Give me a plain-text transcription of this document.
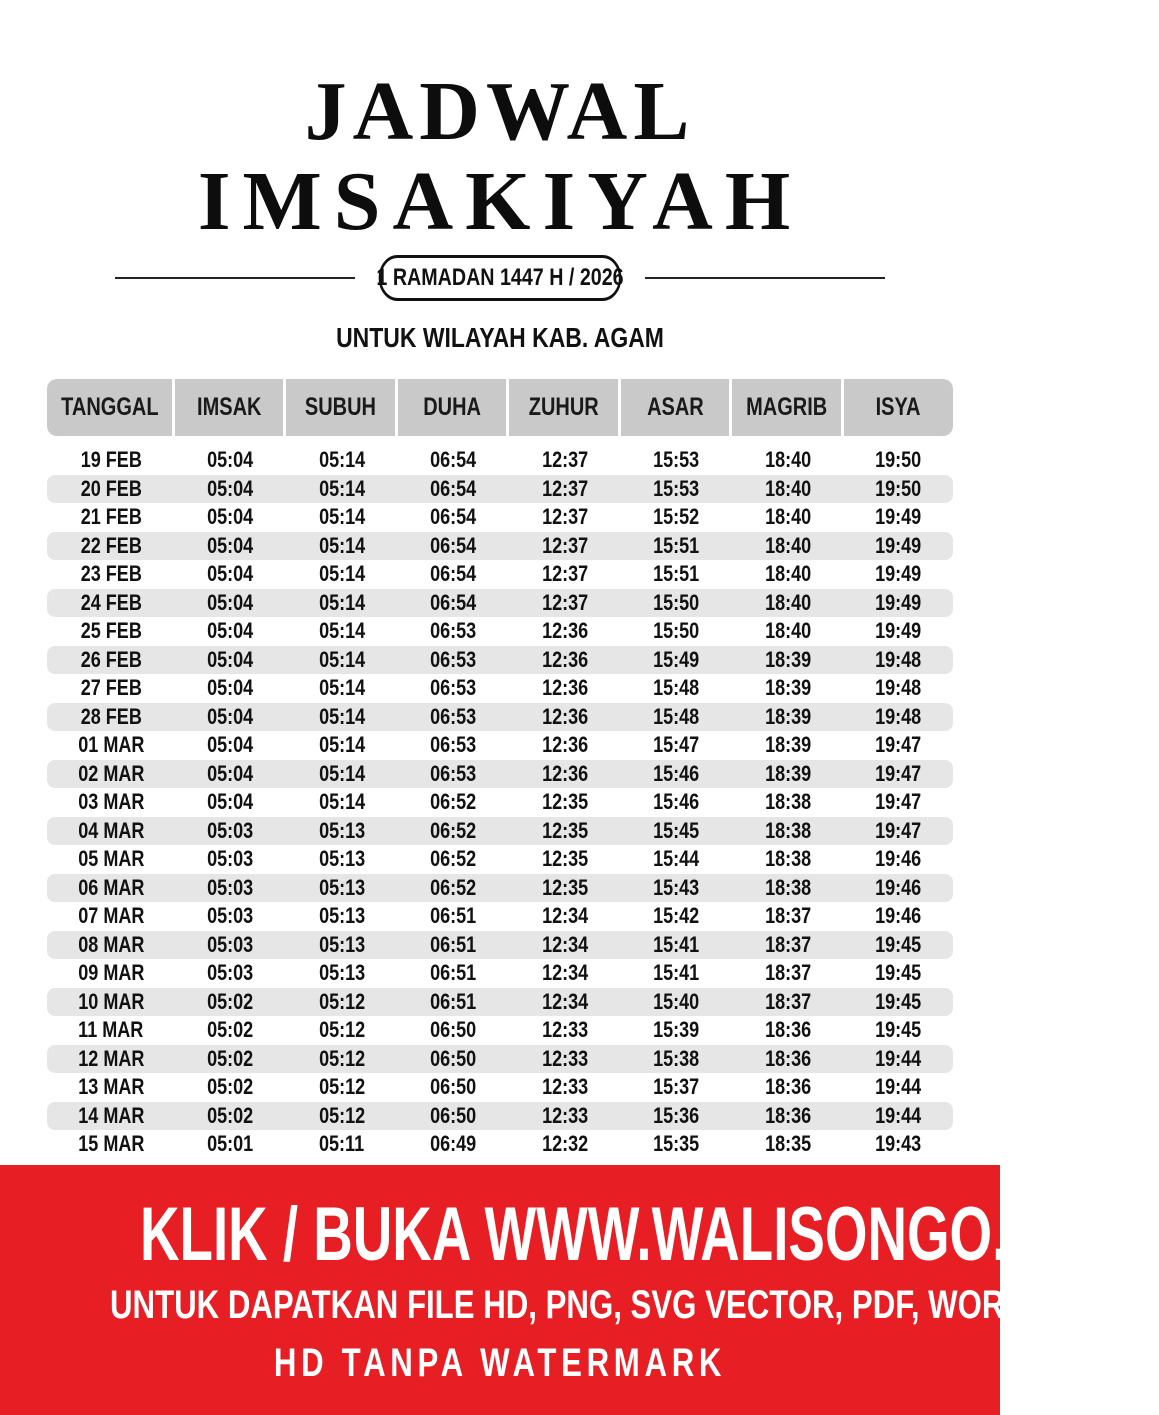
JADWAL
IMSAKIYAH
1 RAMADAN 1447 H / 2026
UNTUK WILAYAH KAB. AGAM
TANGGAL IMSAK SUBUH DUHA ZUHUR ASAR MAGRIB ISYA
19 FEB	05:04	05:14	06:54	12:37	15:53	18:40	19:50
20 FEB	05:04	05:14	06:54	12:37	15:53	18:40	19:50
21 FEB	05:04	05:14	06:54	12:37	15:52	18:40	19:49
22 FEB	05:04	05:14	06:54	12:37	15:51	18:40	19:49
23 FEB	05:04	05:14	06:54	12:37	15:51	18:40	19:49
24 FEB	05:04	05:14	06:54	12:37	15:50	18:40	19:49
25 FEB	05:04	05:14	06:53	12:36	15:50	18:40	19:49
26 FEB	05:04	05:14	06:53	12:36	15:49	18:39	19:48
27 FEB	05:04	05:14	06:53	12:36	15:48	18:39	19:48
28 FEB	05:04	05:14	06:53	12:36	15:48	18:39	19:48
01 MAR	05:04	05:14	06:53	12:36	15:47	18:39	19:47
02 MAR	05:04	05:14	06:53	12:36	15:46	18:39	19:47
03 MAR	05:04	05:14	06:52	12:35	15:46	18:38	19:47
04 MAR	05:03	05:13	06:52	12:35	15:45	18:38	19:47
05 MAR	05:03	05:13	06:52	12:35	15:44	18:38	19:46
06 MAR	05:03	05:13	06:52	12:35	15:43	18:38	19:46
07 MAR	05:03	05:13	06:51	12:34	15:42	18:37	19:46
08 MAR	05:03	05:13	06:51	12:34	15:41	18:37	19:45
09 MAR	05:03	05:13	06:51	12:34	15:41	18:37	19:45
10 MAR	05:02	05:12	06:51	12:34	15:40	18:37	19:45
11 MAR	05:02	05:12	06:50	12:33	15:39	18:36	19:45
12 MAR	05:02	05:12	06:50	12:33	15:38	18:36	19:44
13 MAR	05:02	05:12	06:50	12:33	15:37	18:36	19:44
14 MAR	05:02	05:12	06:50	12:33	15:36	18:36	19:44
15 MAR	05:01	05:11	06:49	12:32	15:35	18:35	19:43
KLIK / BUKA WWW.WALISONGO.CO.ID
UNTUK DAPATKAN FILE HD, PNG, SVG VECTOR, PDF, WORD, EXCEL
HD TANPA WATERMARK
